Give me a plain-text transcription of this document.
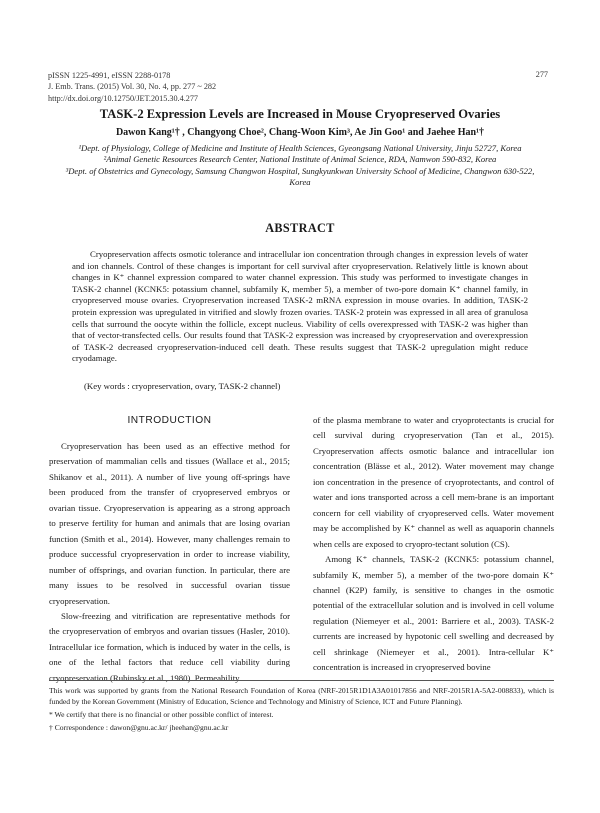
pISSN 1225-4991, eISSN 2288-0178
J. Emb. Trans. (2015) Vol. 30, No. 4, pp. 277 ~ 282
http://dx.doi.org/10.12750/JET.2015.30.4.277
277
TASK-2 Expression Levels are Increased in Mouse Cryopreserved Ovaries
Dawon Kang¹† , Changyong Choe², Chang-Woon Kim³, Ae Jin Goo¹ and Jaehee Han¹†

¹Dept. of Physiology, College of Medicine and Institute of Health Sciences, Gyeongsang National University, Jinju 52727, Korea

²Animal Genetic Resources Research Center, National Institute of Animal Science, RDA, Namwon 590-832, Korea

³Dept. of Obstetrics and Gynecology, Samsung Changwon Hospital, Sungkyunkwan University School of Medicine, Changwon 630-522, Korea

ABSTRACT

Cryopreservation affects osmotic tolerance and intracellular ion concentration through changes in expression levels of water and ion channels. Control of these changes is important for cell survival after cryopreservation. Relatively little is known about changes in K⁺ channel expression compared to water channel expression. This study was performed to investigate changes in TASK-2 channel (KCNK5: potassium channel, subfamily K, member 5), a member of two-pore domain K⁺ channel family, in cryopreserved mouse ovaries. Cryopreservation increased TASK-2 mRNA expression in mouse ovaries. In addition, TASK-2 protein expression was upregulated in vitrified and slowly frozen ovaries. TASK-2 protein was expressed in all area of granulosa cells that surround the oocyte within the follicle, except nucleus. Viability of cells overexpressed with TASK-2 was higher than that of vector-transfected cells. Our results found that TASK-2 expression was increased by cryopreservation and overexpression of TASK-2 decreased cryopreservation-induced cell death. These results suggest that TASK-2 upregulation might reduce cryodamage.

(Key words : cryopreservation, ovary, TASK-2 channel)
INTRODUCTION

Cryopreservation has been used as an effective method for preservation of mammalian cells and tissues (Wallace et al., 2015; Shikanov et al., 2011). A number of live young off-springs have been produced from the transfer of cryopreserved embryos or ovarian tissue. Cryopreservation is appearing as a strong approach to preserve fertility for human and animals that are losing ovarian function (Smith et al., 2014). However, many challenges remain to produce successful cryopreservation in order to increase viability, number of offsprings, and ovarian function. In particular, there are many issues to be resolved in successful ovarian tissue cryopreservation.

Slow-freezing and vitrification are representative methods for the cryopreservation of embryos and ovarian tissues (Hasler, 2010). Intracellular ice formation, which is induced by water in the cells, is one of the lethal factors that reduce cell viability during cryopreservation (Rubinsky et al., 1980). Permeability

of the plasma membrane to water and cryoprotectants is crucial for cell survival during cryopreservation (Tan et al., 2015). Cryopreservation affects osmotic balance and intracellular ion concentration (Blässe et al., 2012). Water movement may change ion concentration in the presence of cryoprotectants, and control of water and ions transported across a cell mem-brane is an important concern for cell viability of cryopreserved cells. Water movement may be accomplished by K⁺ channel as well as aquaporin channels when cells are exposed to cryopro-tectant solution (CS).

Among K⁺ channels, TASK-2 (KCNK5: potassium channel, subfamily K, member 5), a member of the two-pore domain K⁺ channel (K2P) family, is sensitive to changes in the osmotic potential of the extracellular solution and is involved in cell volume regulation (Niemeyer et al., 2001: Barriere et al., 2003). TASK-2 currents are increased by hypotonic cell swelling and decreased by cell shrinkage (Niemeyer et al., 2001). Intra-cellular K⁺ concentration is increased in cryopreserved bovine

This work was supported by grants from the National Research Foundation of Korea (NRF-2015R1D1A3A01017856 and NRF-2015R1A-5A2-008833), which is funded by the Korean Government (Ministry of Education, Science and Technology and Ministry of Science, ICT and Future Planning).

* We certify that there is no financial or other possible conflict of interest.

† Correspondence : dawon@gnu.ac.kr/ jheehan@gnu.ac.kr
